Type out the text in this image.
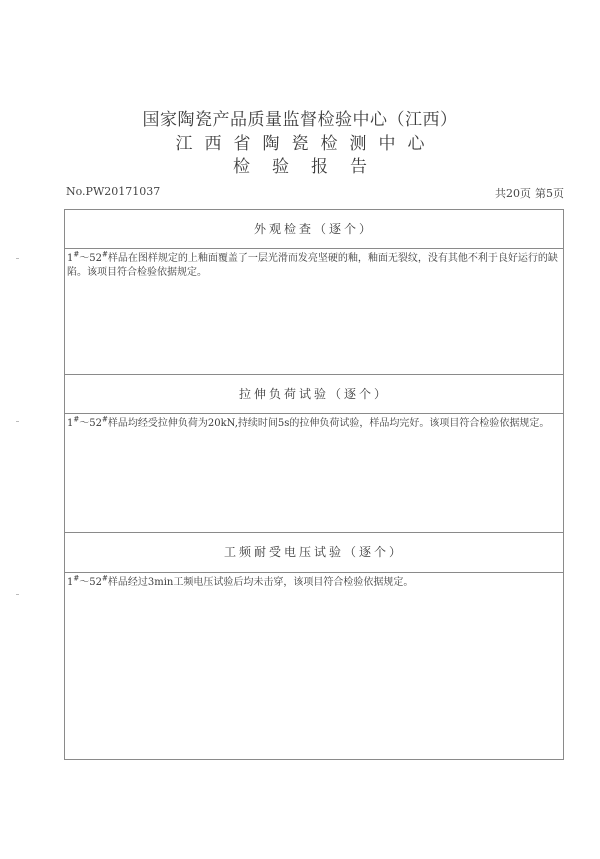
国家陶瓷产品质量监督检验中心（江西）
江西省陶瓷检测中心
检验报告
No.PW20171037	共20页 第5页
外观检查（逐个）
1#～52#样品在图样规定的上釉面覆盖了一层光滑而发亮坚硬的釉，釉面无裂纹，没有其他不利于良好运行的缺陷。该项目符合检验依据规定。
拉伸负荷试验（逐个）
1#～52#样品均经受拉伸负荷为20kN,持续时间5s的拉伸负荷试验，样品均完好。该项目符合检验依据规定。
工频耐受电压试验（逐个）
1#～52#样品经过3min工频电压试验后均未击穿，该项目符合检验依据规定。
